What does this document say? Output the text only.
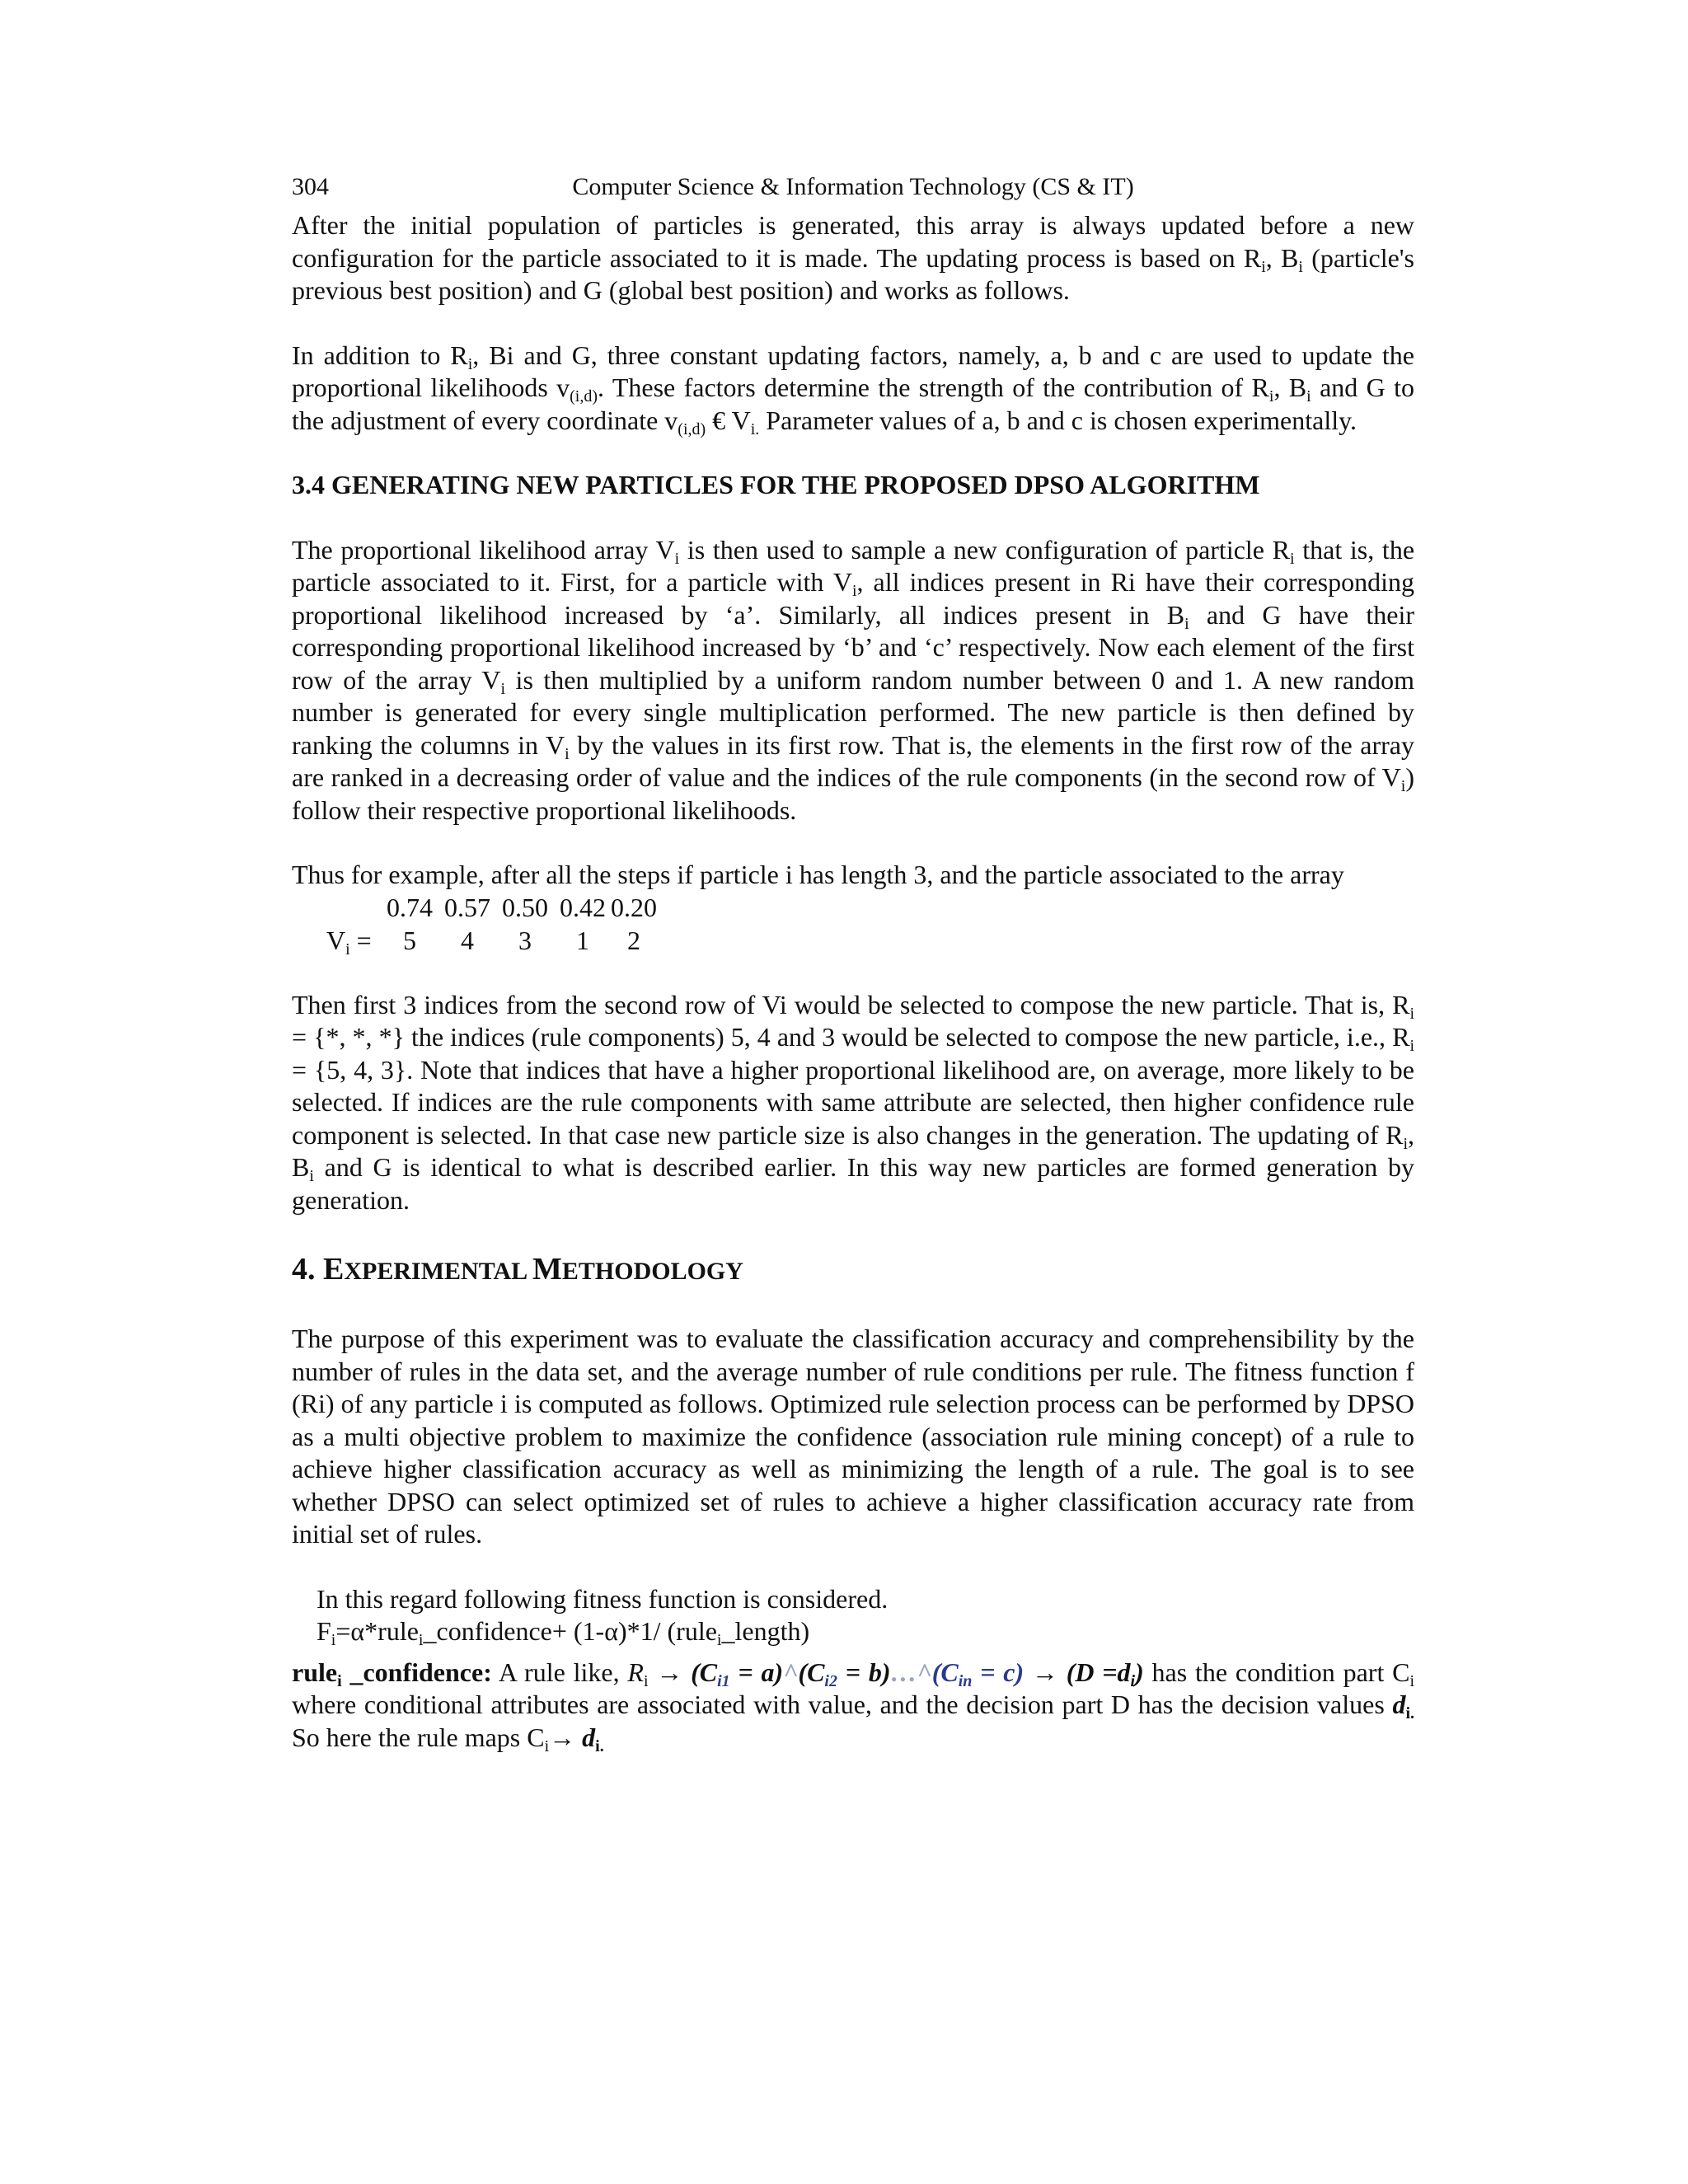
304	Computer Science & Information Technology (CS & IT)

After the initial population of particles is generated, this array is always updated before a new configuration for the particle associated to it is made. The updating process is based on $R_i$, $B_i$ (particle's previous best position) and G (global best position) and works as follows.

In addition to $R_i$, Bi and G, three constant updating factors, namely, a, b and c are used to update the proportional likelihoods $v_{(i,d)}$. These factors determine the strength of the contribution of $R_i$, $B_i$ and G to the adjustment of every coordinate $v_{(i,d)}$ € $V_{i.}$ Parameter values of a, b and c is chosen experimentally.

3.4 GENERATING NEW PARTICLES FOR THE PROPOSED DPSO ALGORITHM

The proportional likelihood array $V_i$ is then used to sample a new configuration of particle $R_i$ that is, the particle associated to it. First, for a particle with $V_i$, all indices present in Ri have their corresponding proportional likelihood increased by ‘a’. Similarly, all indices present in $B_i$ and G have their corresponding proportional likelihood increased by ‘b’ and ‘c’ respectively. Now each element of the first row of the array $V_i$ is then multiplied by a uniform random number between 0 and 1. A new random number is generated for every single multiplication performed. The new particle is then defined by ranking the columns in $V_i$ by the values in its first row. That is, the elements in the first row of the array are ranked in a decreasing order of value and the indices of the rule components (in the second row of $V_i$) follow their respective proportional likelihoods.

Thus for example, after all the steps if particle i has length 3, and the particle associated to the array

0.74 0.57 0.50 0.42 0.20
$V_i$ =	5	4	3	1	2

Then first 3 indices from the second row of Vi would be selected to compose the new particle. That is, $R_i$ = {*, *, *} the indices (rule components) 5, 4 and 3 would be selected to compose the new particle, i.e., $R_i = \{5$, 4, 3}. Note that indices that have a higher proportional likelihood are, on average, more likely to be selected. If indices are the rule components with same attribute are selected, then higher confidence rule component is selected. In that case new particle size is also changes in the generation. The updating of $R_i$, $B_i$ and G is identical to what is described earlier. In this way new particles are formed generation by generation.

4. EXPERIMENTAL METHODOLOGY

The purpose of this experiment was to evaluate the classification accuracy and comprehensibility by the number of rules in the data set, and the average number of rule conditions per rule. The fitness function f (Ri) of any particle i is computed as follows. Optimized rule selection process can be performed by DPSO as a multi objective problem to maximize the confidence (association rule mining concept) of a rule to achieve higher classification accuracy as well as minimizing the length of a rule. The goal is to see whether DPSO can select optimized set of rules to achieve a higher classification accuracy rate from initial set of rules.

In this regard following fitness function is considered.
$F_i=\alpha*rule_i\_confidence+ (1-\alpha)*1/$ (rule$_i$_length)

rule$_i$ _confidence: A rule like, $R_i \to (C_{i1}$ = $a)\^{}(C_{i2}$ = $b)\dots\^{}(C_{in} = c) \to (D =d_i)$ has the condition part $C_i$ where conditional attributes are associated with value, and the decision part D has the decision values $d_{i.}$ So here the rule maps $C_i\to d_{i.}$
